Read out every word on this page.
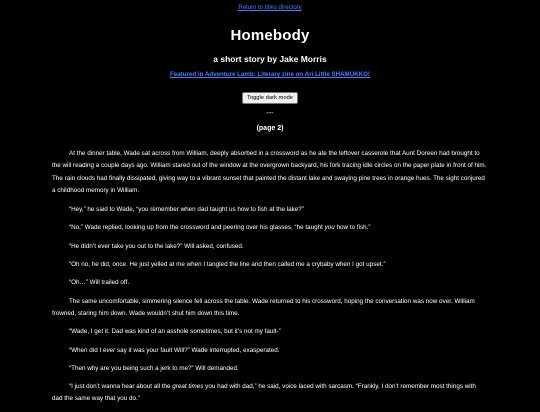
Return to titles directory
Homebody
a short story by Jake Morris
Featured in Adventure Lamb: Literary zine on Ari Little SHAMUKKO!
Toggle dark mode
---
(page 2)

At the dinner table, Wade sat across from William, deeply absorbed in a crossword as he ate the leftover casserole that Aunt Doreen had brought to the will reading a couple days ago. William stared out of the window at the overgrown backyard, his fork tracing idle circles on the paper plate in front of him. The rain clouds had finally dissipated, giving way to a vibrant sunset that painted the distant lake and swaying pine trees in orange hues. The sight conjured a childhood memory in William.

“Hey,” he said to Wade, “you remember when dad taught us how to fish at the lake?”

“No,” Wade replied, looking up from the crossword and peering over his glasses, “he taught you how to fish.”

“He didn’t ever take you out to the lake?” Will asked, confused.

“Oh no, he did, once. He just yelled at me when I tangled the line and then called me a crybaby when I got upset.”

“Oh…” Will trailed off.

The same uncomfortable, simmering silence fell across the table. Wade returned to his crossword, hoping the conversation was now over. William frowned, staring him down. Wade wouldn’t shut him down this time.

“Wade, I get it. Dad was kind of an asshole sometimes, but it’s not my fault-”

“When did I ever say it was your fault Will?” Wade interrupted, exasperated.

“Then why are you being such a jerk to me?” Will demanded.

“I just don’t wanna hear about all the great times you had with dad,” he said, voice laced with sarcasm. “Frankly, I don’t remember most things with dad the same way that you do.”
